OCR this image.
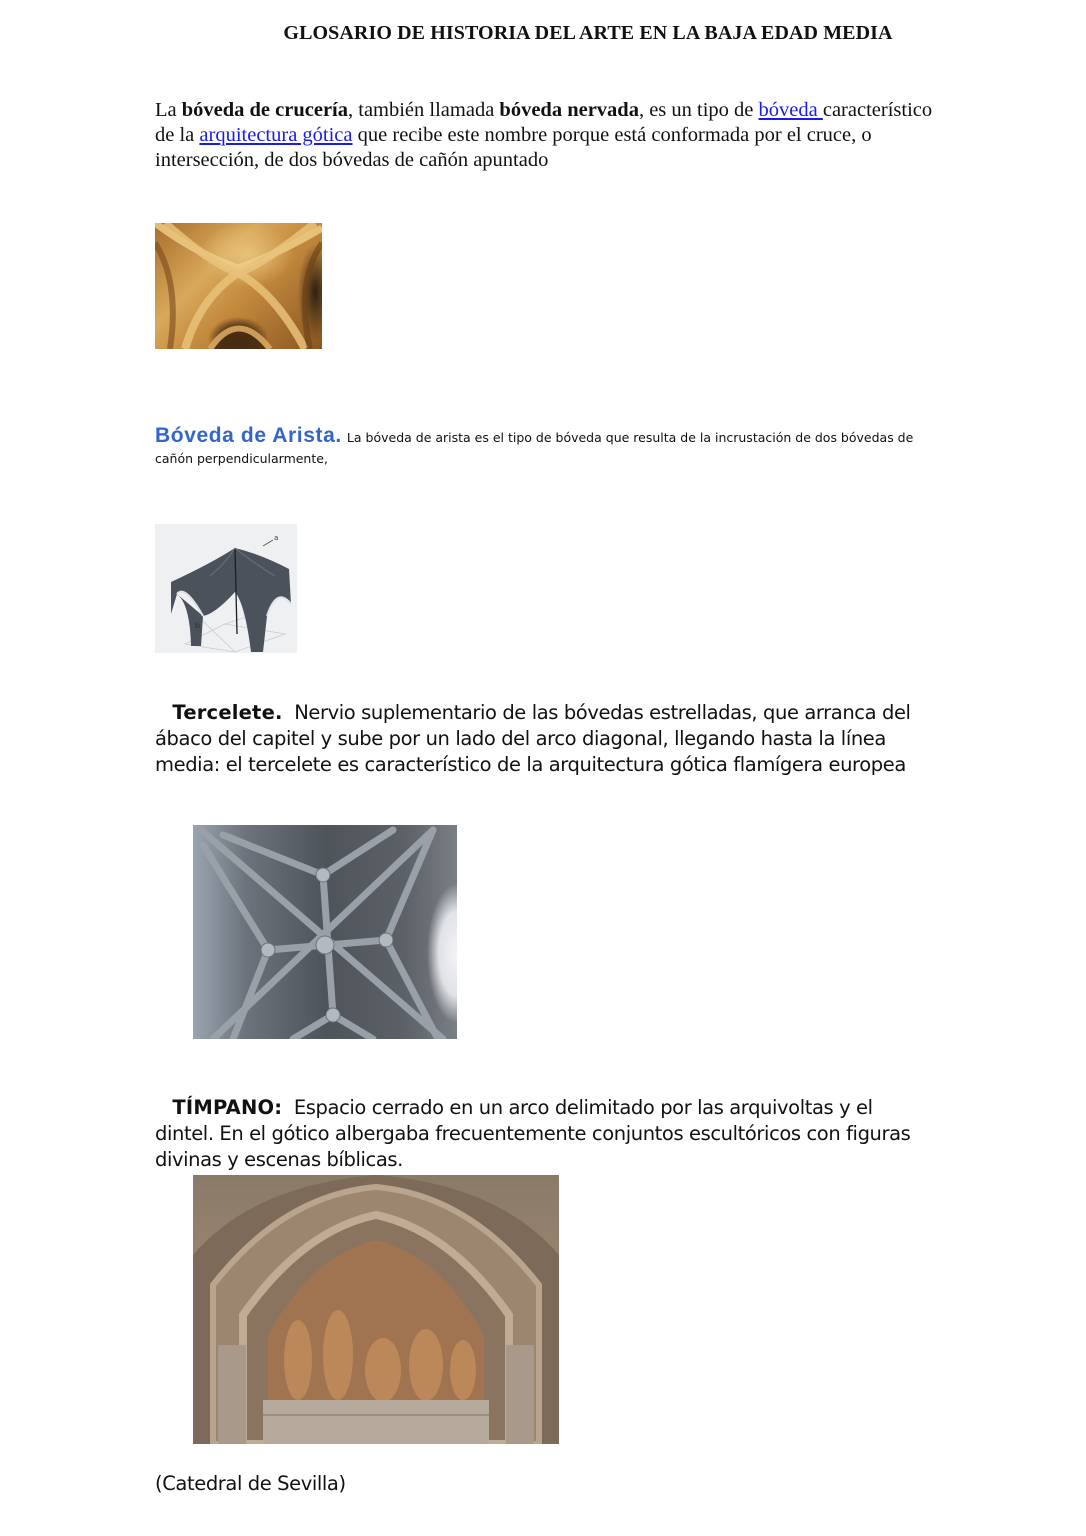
GLOSARIO DE HISTORIA DEL ARTE EN LA BAJA EDAD MEDIA
La bóveda de crucería, también llamada bóveda nervada, es un tipo de bóveda característico de la arquitectura gótica que recibe este nombre porque está conformada por el cruce, o intersección, de dos bóvedas de cañón apuntado
Bóveda de Arista. La bóveda de arista es el tipo de bóveda que resulta de la incrustación de dos bóvedas de cañón perpendicularmente,
a
b
Tercelete. Nervio suplementario de las bóvedas estrelladas, que arranca del ábaco del capitel y sube por un lado del arco diagonal, llegando hasta la línea media: el tercelete es característico de la arquitectura gótica flamígera europea
TÍMPANO: Espacio cerrado en un arco delimitado por las arquivoltas y el dintel. En el gótico albergaba frecuentemente conjuntos escultóricos con figuras divinas y escenas bíblicas.
(Catedral de Sevilla)
